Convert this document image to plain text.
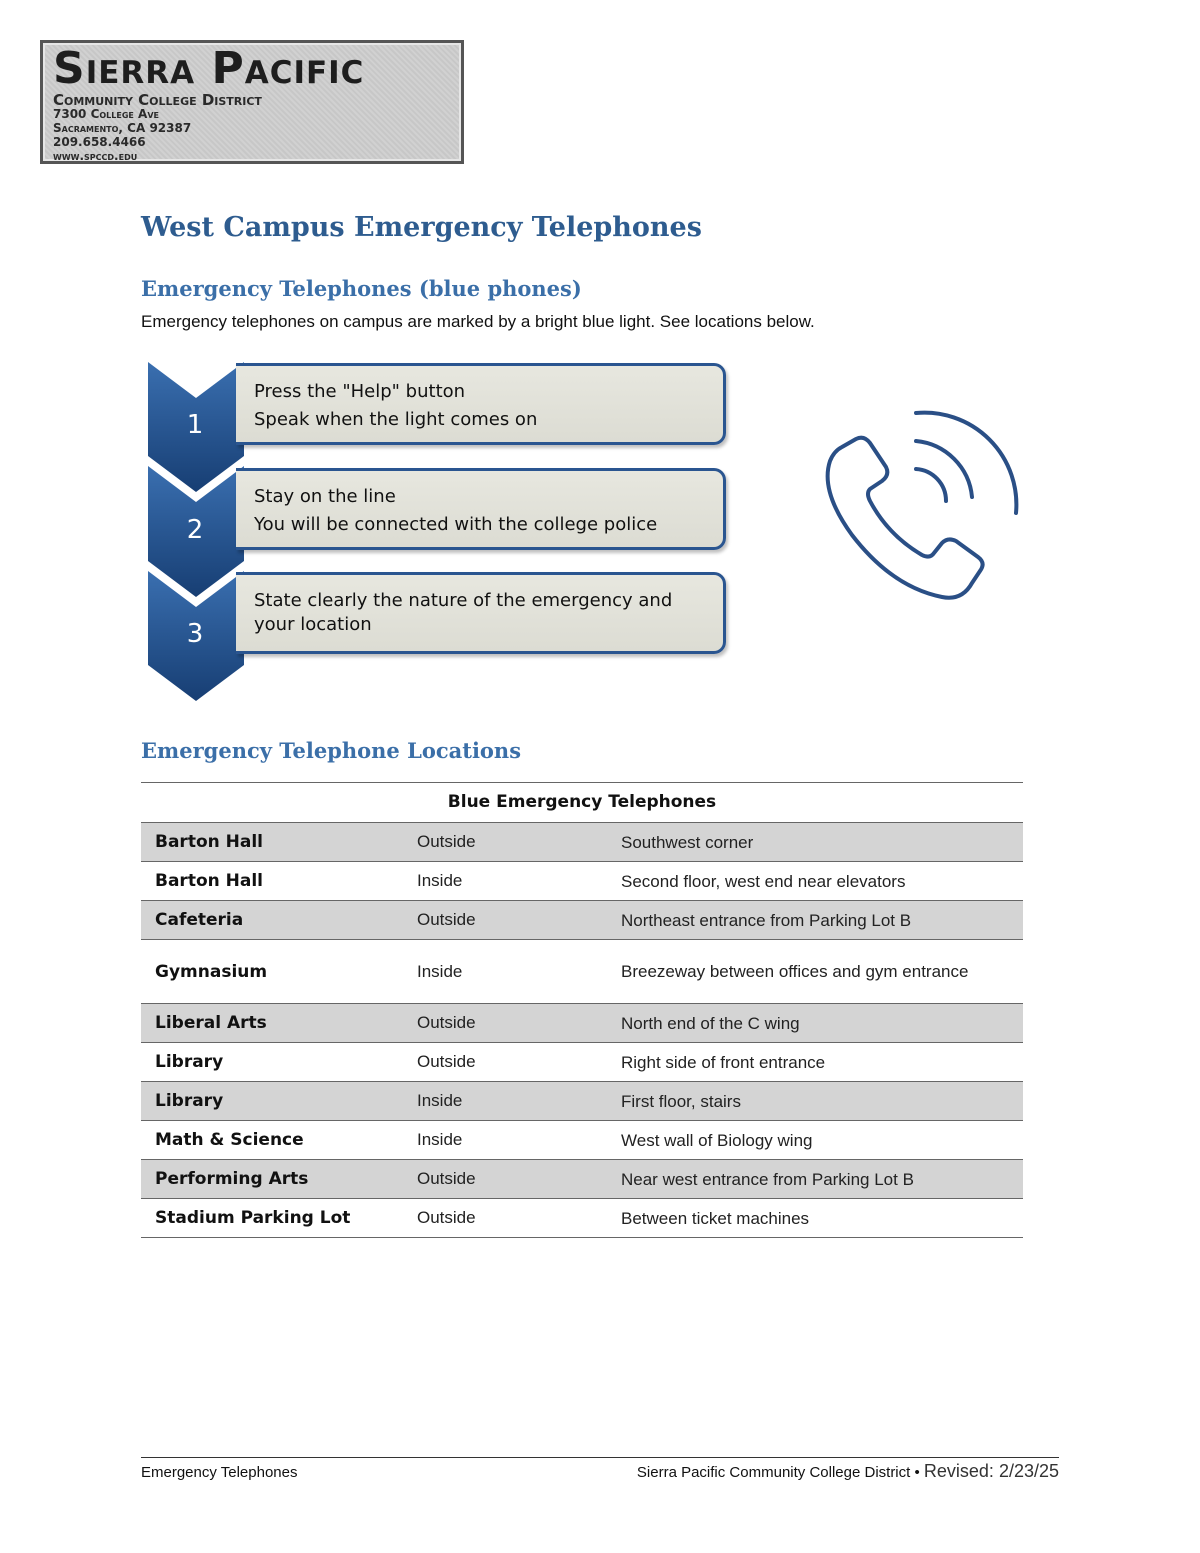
Sierra Pacific
Community College District
7300 College Ave
Sacramento, CA 92387
209.658.4466
www.spccd.edu
West Campus Emergency Telephones
Emergency Telephones (blue phones)
Emergency telephones on campus are marked by a bright blue light. See locations below.
Press the "Help" button
Speak when the light comes on
1
Stay on the line
You will be connected with the college police
2
State clearly the nature of the emergency and
your location
3
Emergency Telephone Locations
Blue Emergency Telephones
Barton Hall	Outside	Southwest corner
Barton Hall	Inside	Second floor, west end near elevators
Cafeteria	Outside	Northeast entrance from Parking Lot B
Gymnasium	Inside	Breezeway between offices and gym entrance
Liberal Arts	Outside	North end of the C wing
Library	Outside	Right side of front entrance
Library	Inside	First floor, stairs
Math & Science	Inside	West wall of Biology wing
Performing Arts	Outside	Near west entrance from Parking Lot B
Stadium Parking Lot	Outside	Between ticket machines
Emergency Telephones	Sierra Pacific Community College District • Revised: 2/23/25
